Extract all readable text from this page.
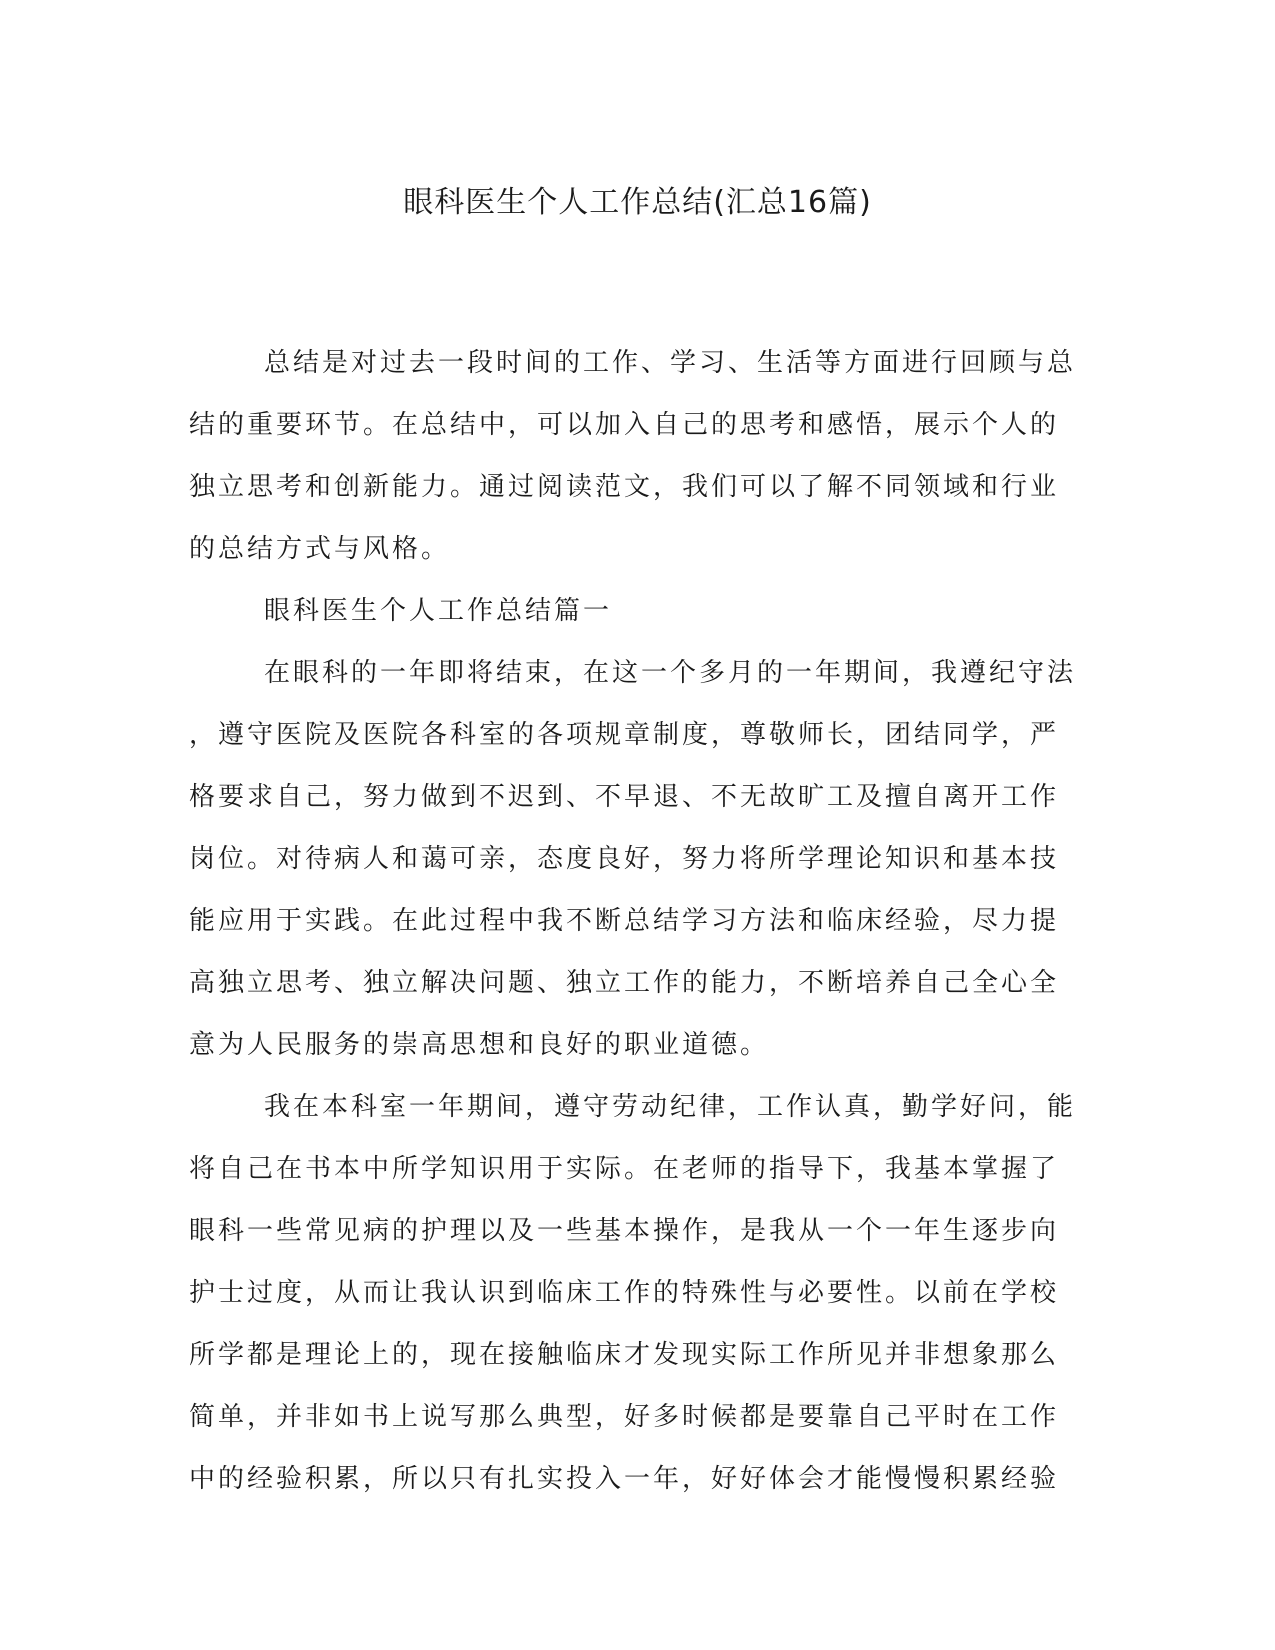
眼科医生个人工作总结(汇总16篇)
总结是对过去一段时间的工作、学习、生活等方面进行回顾与总
结的重要环节。在总结中，可以加入自己的思考和感悟，展示个人的
独立思考和创新能力。通过阅读范文，我们可以了解不同领域和行业
的总结方式与风格。
眼科医生个人工作总结篇一
在眼科的一年即将结束，在这一个多月的一年期间，我遵纪守法
，遵守医院及医院各科室的各项规章制度，尊敬师长，团结同学，严
格要求自己，努力做到不迟到、不早退、不无故旷工及擅自离开工作
岗位。对待病人和蔼可亲，态度良好，努力将所学理论知识和基本技
能应用于实践。在此过程中我不断总结学习方法和临床经验，尽力提
高独立思考、独立解决问题、独立工作的能力，不断培养自己全心全
意为人民服务的崇高思想和良好的职业道德。
我在本科室一年期间，遵守劳动纪律，工作认真，勤学好问，能
将自己在书本中所学知识用于实际。在老师的指导下，我基本掌握了
眼科一些常见病的护理以及一些基本操作，是我从一个一年生逐步向
护士过度，从而让我认识到临床工作的特殊性与必要性。以前在学校
所学都是理论上的，现在接触临床才发现实际工作所见并非想象那么
简单，并非如书上说写那么典型，好多时候都是要靠自己平时在工作
中的经验积累，所以只有扎实投入一年，好好体会才能慢慢积累经验
